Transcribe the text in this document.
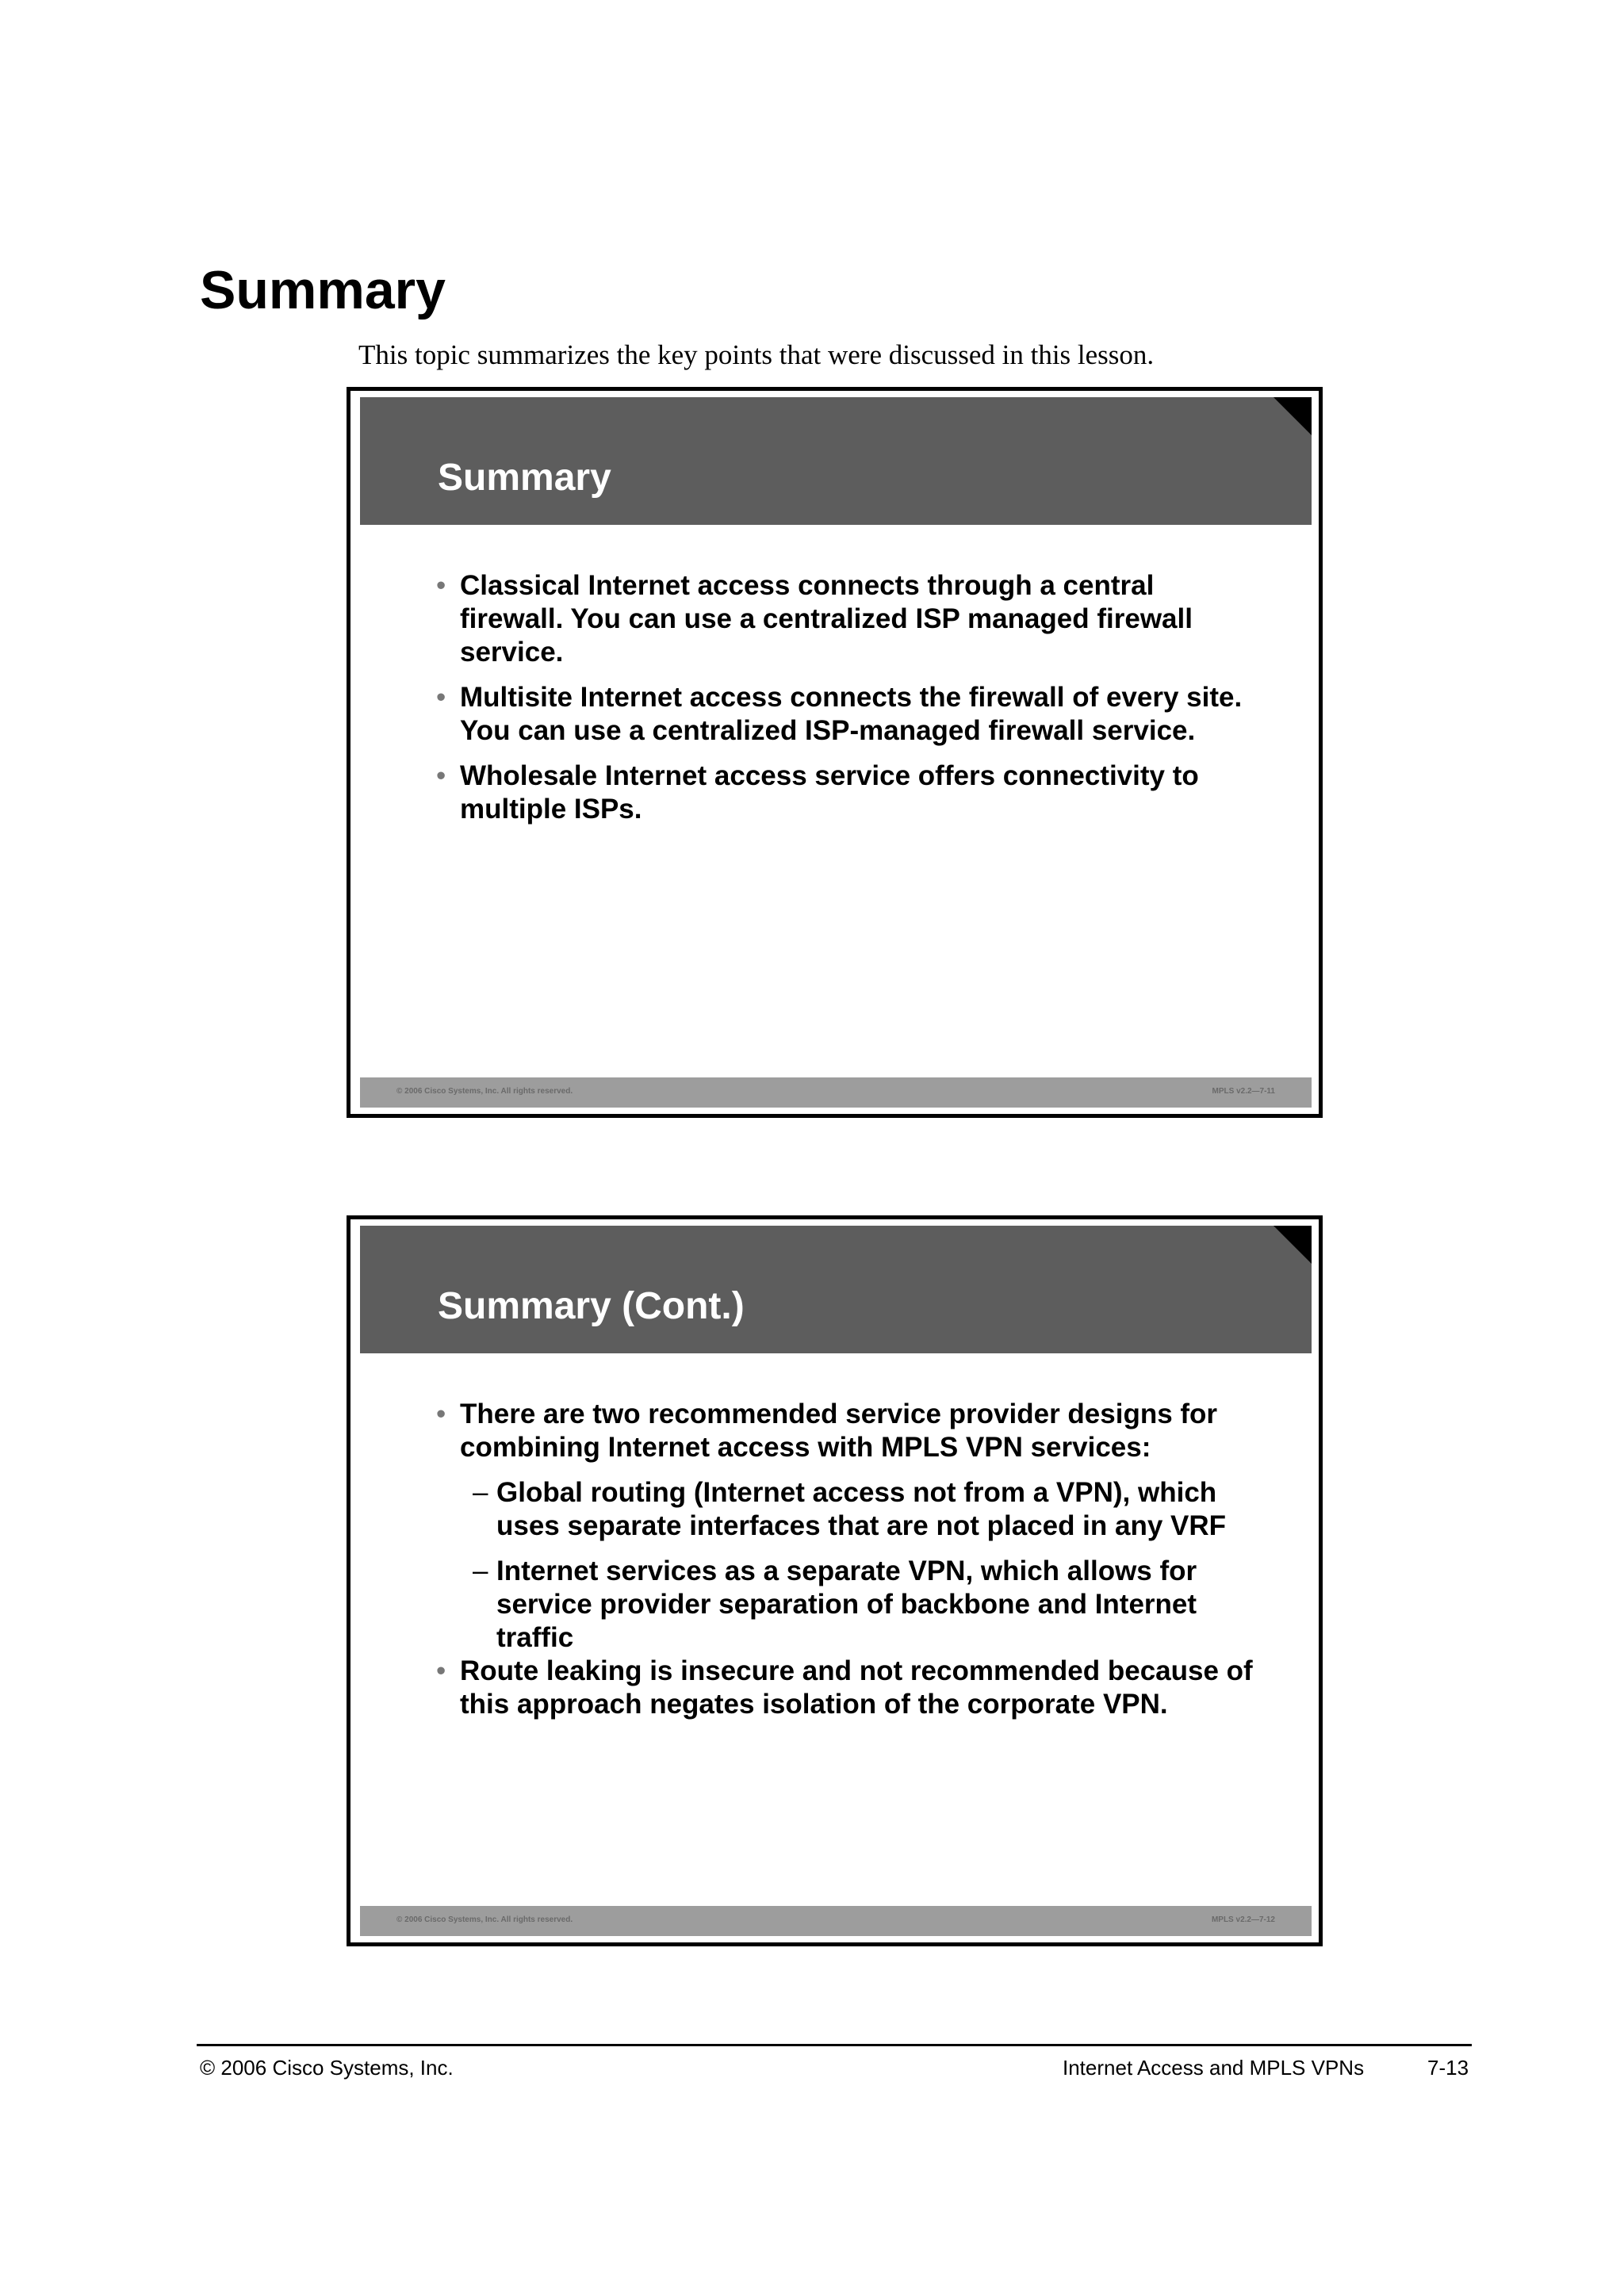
Summary
This topic summarizes the key points that were discussed in this lesson.
Summary
• Classical Internet access connects through a central firewall. You can use a centralized ISP managed firewall service.
• Multisite Internet access connects the firewall of every site. You can use a centralized ISP-managed firewall service.
• Wholesale Internet access service offers connectivity to multiple ISPs.
© 2006 Cisco Systems, Inc. All rights reserved.	MPLS v2.2—7-11
Summary (Cont.)
• There are two recommended service provider designs for combining Internet access with MPLS VPN services:
– Global routing (Internet access not from a VPN), which uses separate interfaces that are not placed in any VRF
– Internet services as a separate VPN, which allows for service provider separation of backbone and Internet traffic
• Route leaking is insecure and not recommended because of this approach negates isolation of the corporate VPN.
© 2006 Cisco Systems, Inc. All rights reserved.	MPLS v2.2—7-12
© 2006 Cisco Systems, Inc.	Internet Access and MPLS VPNs	7-13
